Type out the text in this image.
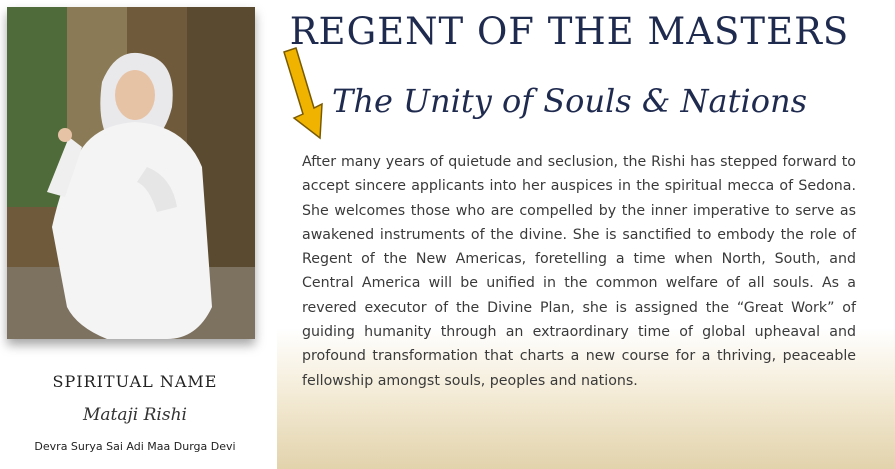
SPIRITUAL NAME
Mataji Rishi
Devra Surya Sai Adi Maa Durga Devi
REGENT OF THE MASTERS
The Unity of Souls & Nations
After many years of quietude and seclusion, the Rishi has stepped forward to accept sincere applicants into her auspices in the spiritual mecca of Sedona. She welcomes those who are compelled by the inner imperative to serve as awakened instruments of the divine. She is sanctified to embody the role of Regent of the New Americas, foretelling a time when North, South, and Central America will be unified in the common welfare of all souls. As a revered executor of the Divine Plan, she is assigned the “Great Work” of guiding humanity through an extraordinary time of global upheaval and profound transformation that charts a new course for a thriving, peaceable fellowship amongst souls, peoples and nations.
